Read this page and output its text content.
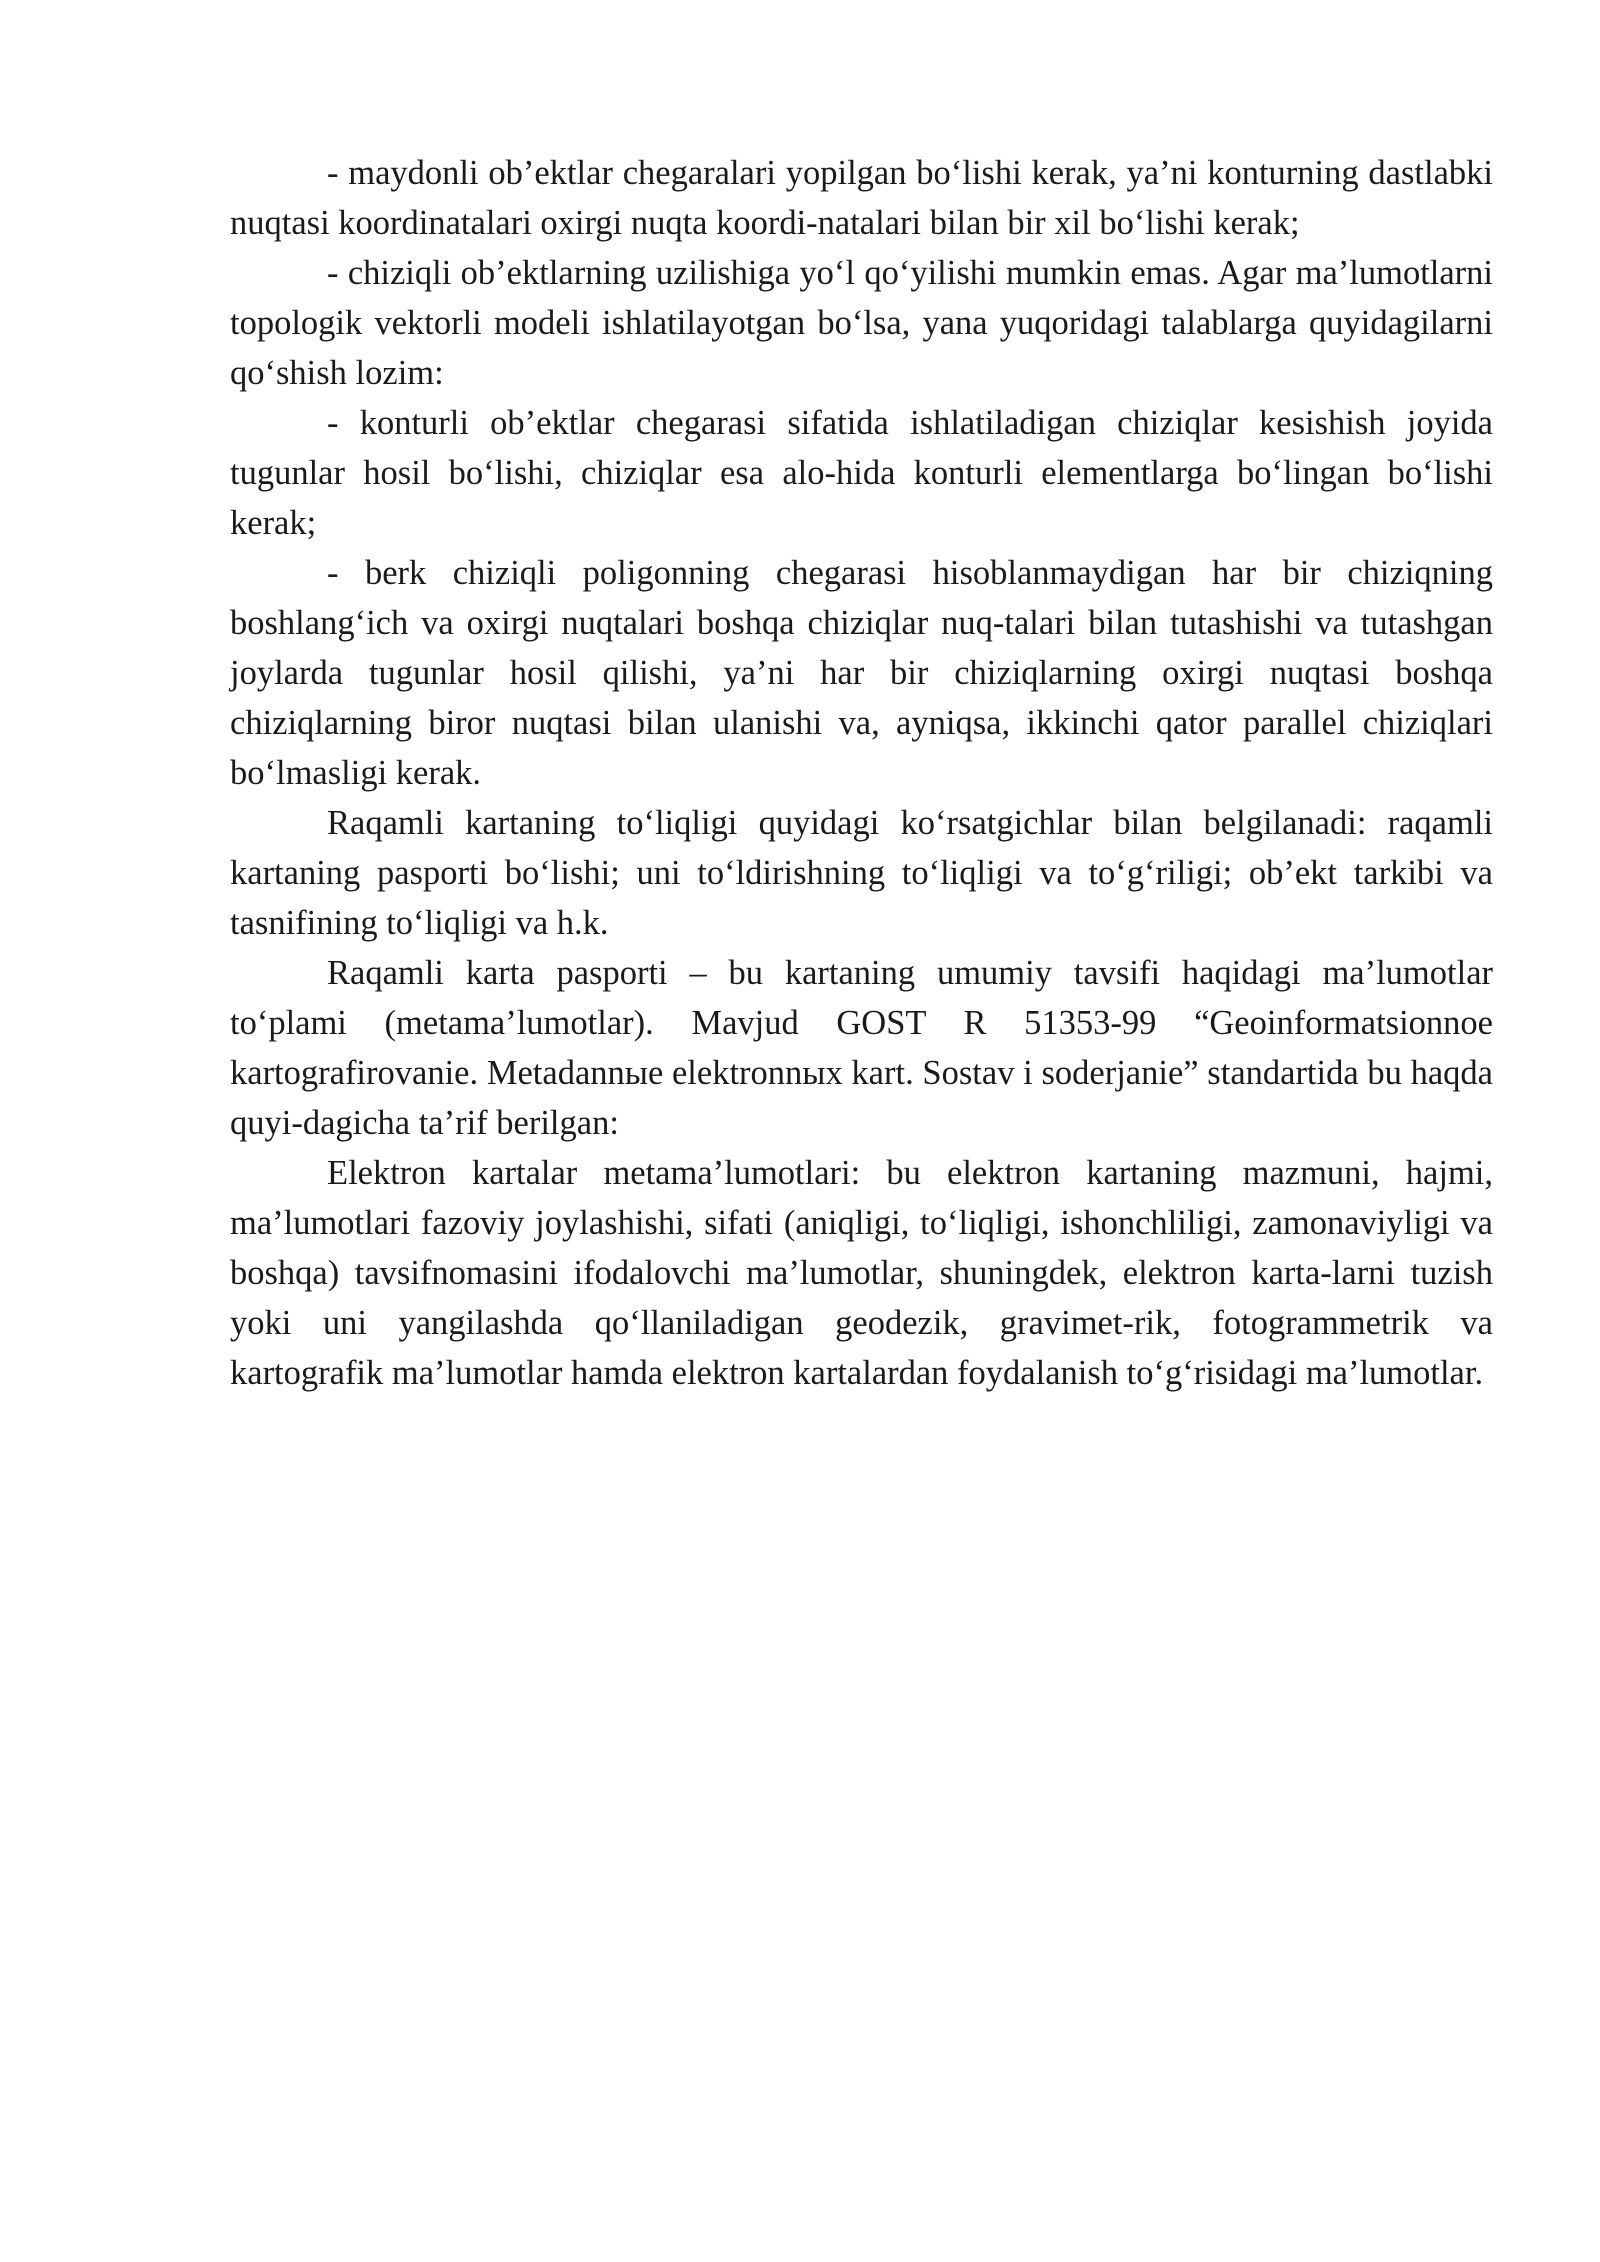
- maydonli ob’ektlar chegaralari yopilgan bo‘lishi kerak, ya’ni konturning dastlabki nuqtasi koordinatalari oxirgi nuqta koordi-natalari bilan bir xil bo‘lishi kerak;

- chiziqli ob’ektlarning uzilishiga yo‘l qo‘yilishi mumkin emas. Agar ma’lumotlarni topologik vektorli modeli ishlatilayotgan bo‘lsa, yana yuqoridagi talablarga quyidagilarni qo‘shish lozim:

- konturli ob’ektlar chegarasi sifatida ishlatiladigan chiziqlar kesishish joyida tugunlar hosil bo‘lishi, chiziqlar esa alo-hida konturli elementlarga bo‘lingan bo‘lishi kerak;

- berk chiziqli poligonning chegarasi hisoblanmaydigan har bir chiziqning boshlang‘ich va oxirgi nuqtalari boshqa chiziqlar nuq-talari bilan tutashishi va tutashgan joylarda tugunlar hosil qilishi, ya’ni har bir chiziqlarning oxirgi nuqtasi boshqa chiziqlarning biror nuqtasi bilan ulanishi va, ayniqsa, ikkinchi qator parallel chiziqlari bo‘lmasligi kerak.

Raqamli kartaning to‘liqligi quyidagi ko‘rsatgichlar bilan belgilanadi: raqamli kartaning pasporti bo‘lishi; uni to‘ldirishning to‘liqligi va to‘g‘riligi; ob’ekt tarkibi va tasnifining to‘liqligi va h.k.

Raqamli karta pasporti – bu kartaning umumiy tavsifi haqidagi ma’lumotlar to‘plami (metama’lumotlar). Mavjud GOST R 51353-99 “Geoinformatsionnoe kartografirovanie. Metadannыe elektronnыx kart. Sostav i soderjanie” standartida bu haqda quyi-dagicha ta’rif berilgan:

Elektron kartalar metama’lumotlari: bu elektron kartaning mazmuni, hajmi, ma’lumotlari fazoviy joylashishi, sifati (aniqligi, to‘liqligi, ishonchliligi, zamonaviyligi va boshqa) tavsifnomasini ifodalovchi ma’lumotlar, shuningdek, elektron karta-larni tuzish yoki uni yangilashda qo‘llaniladigan geodezik, gravimet-rik, fotogrammetrik va kartografik ma’lumotlar hamda elektron kartalardan foydalanish to‘g‘risidagi ma’lumotlar.
